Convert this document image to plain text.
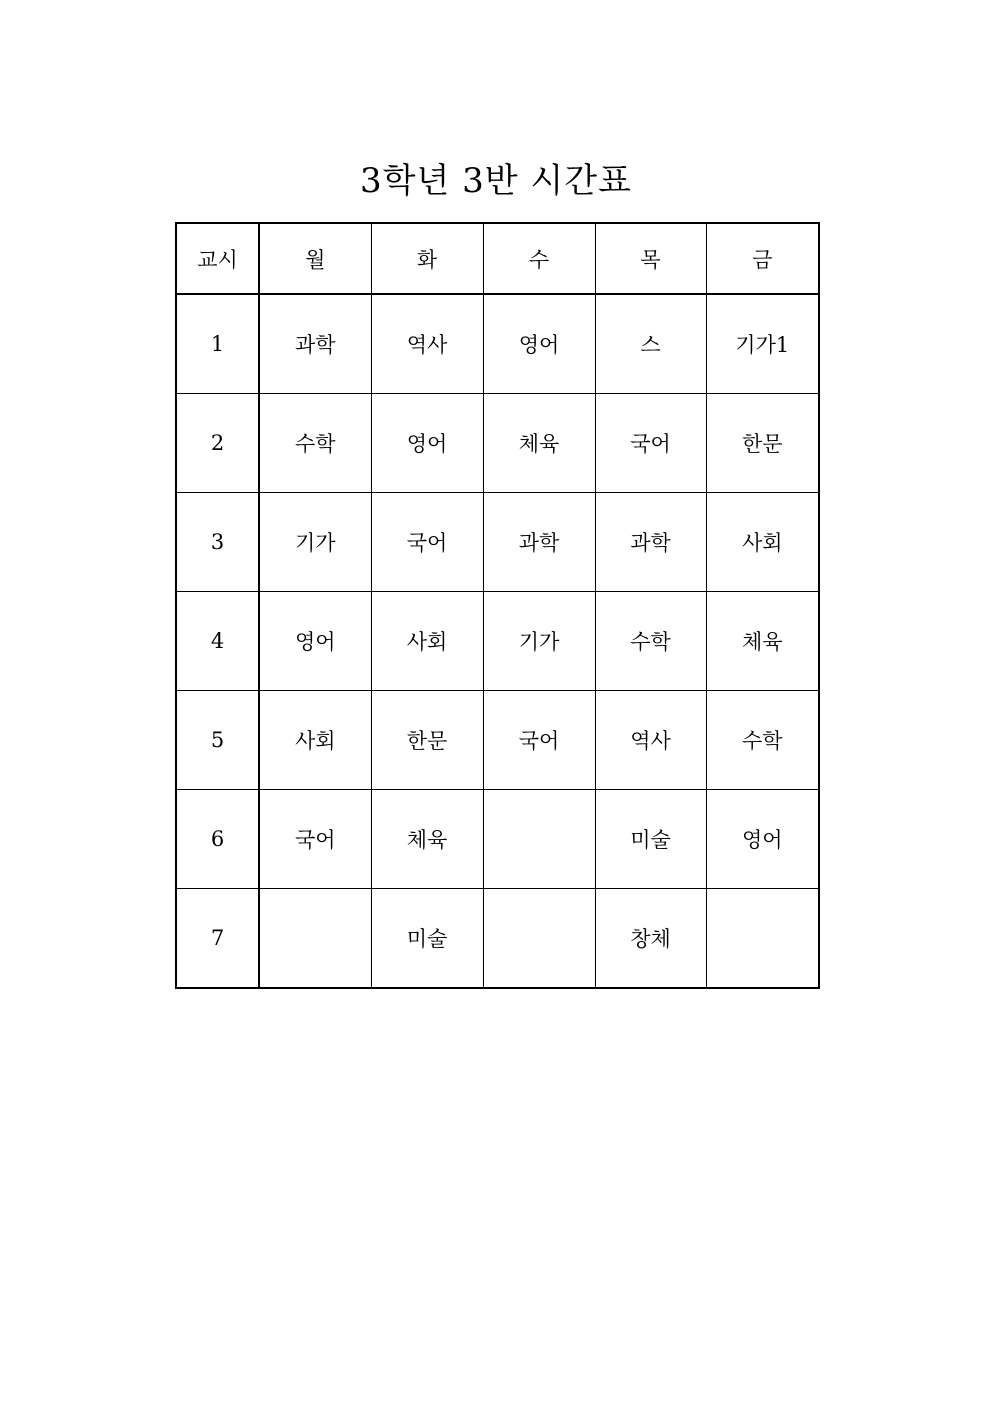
3학년 3반 시간표
교시	월	화	수	목	금
1	과학	역사	영어	스	기가1
2	수학	영어	체육	국어	한문
3	기가	국어	과학	과학	사회
4	영어	사회	기가	수학	체육
5	사회	한문	국어	역사	수학
6	국어	체육		미술	영어
7		미술		창체	
